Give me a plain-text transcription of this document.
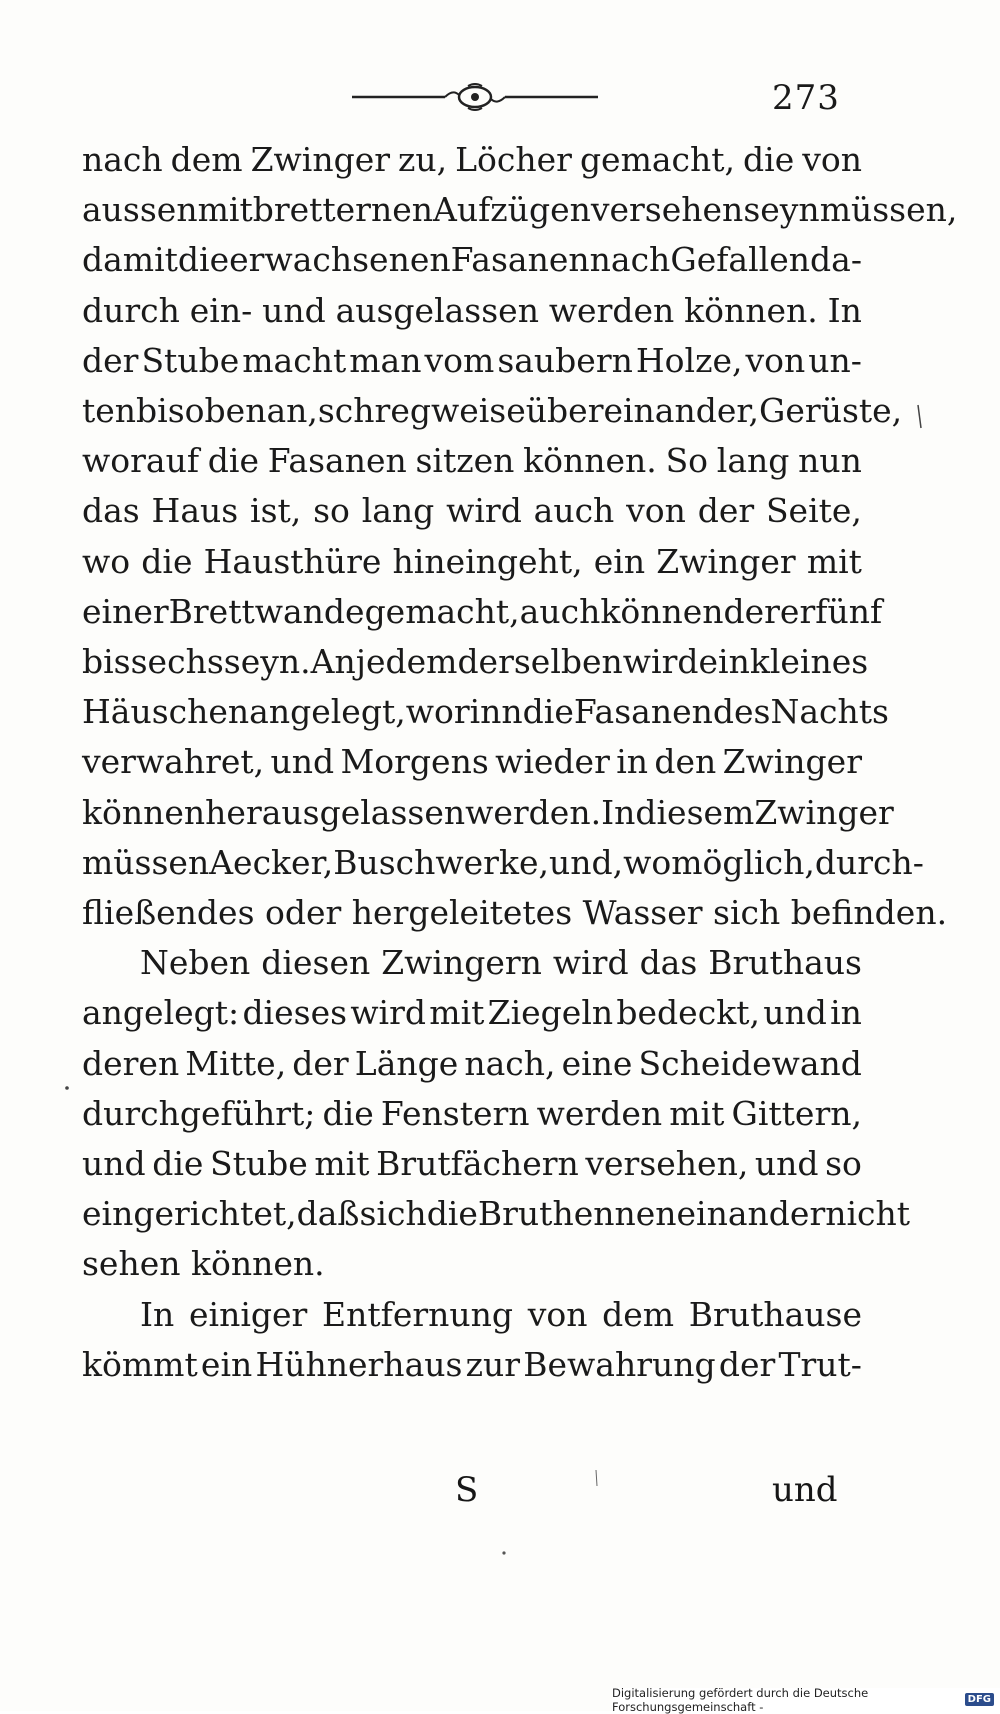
273
nach dem Zwinger zu, Löcher gemacht, die von
aussen mit bretternen Aufzügen versehen seyn müssen,
damit die erwachsenen Fasanen nach Gefallen da-
durch ein- und ausgelassen werden können. In
der Stube macht man vom saubern Holze, von un-
ten bis oben an, schregweise übereinander, Gerüste,
worauf die Fasanen sitzen können. So lang nun
das Haus ist, so lang wird auch von der Seite,
wo die Hausthüre hineingeht, ein Zwinger mit
einer Brettwande gemacht, auch können derer fünf
bis sechs seyn. An jedem derselben wird ein kleines
Häuschen angelegt, worinn die Fasanen des Nachts
verwahret, und Morgens wieder in den Zwinger
können herausgelassen werden. In diesem Zwinger
müssen Aecker, Buschwerke, und, wo möglich, durch-
fließendes oder hergeleitetes Wasser sich befinden.
Neben diesen Zwingern wird das Bruthaus
angelegt: dieses wird mit Ziegeln bedeckt, und in
deren Mitte, der Länge nach, eine Scheidewand
durchgeführt; die Fenstern werden mit Gittern,
und die Stube mit Brutfächern versehen, und so
eingerichtet, daß sich die Bruthennen einander nicht
sehen können.
In einiger Entfernung von dem Bruthause
kömmt ein Hühnerhaus zur Bewahrung der Trut-
S	und
Digitalisierung gefördert durch die Deutsche Forschungsgemeinschaft -	DFG
